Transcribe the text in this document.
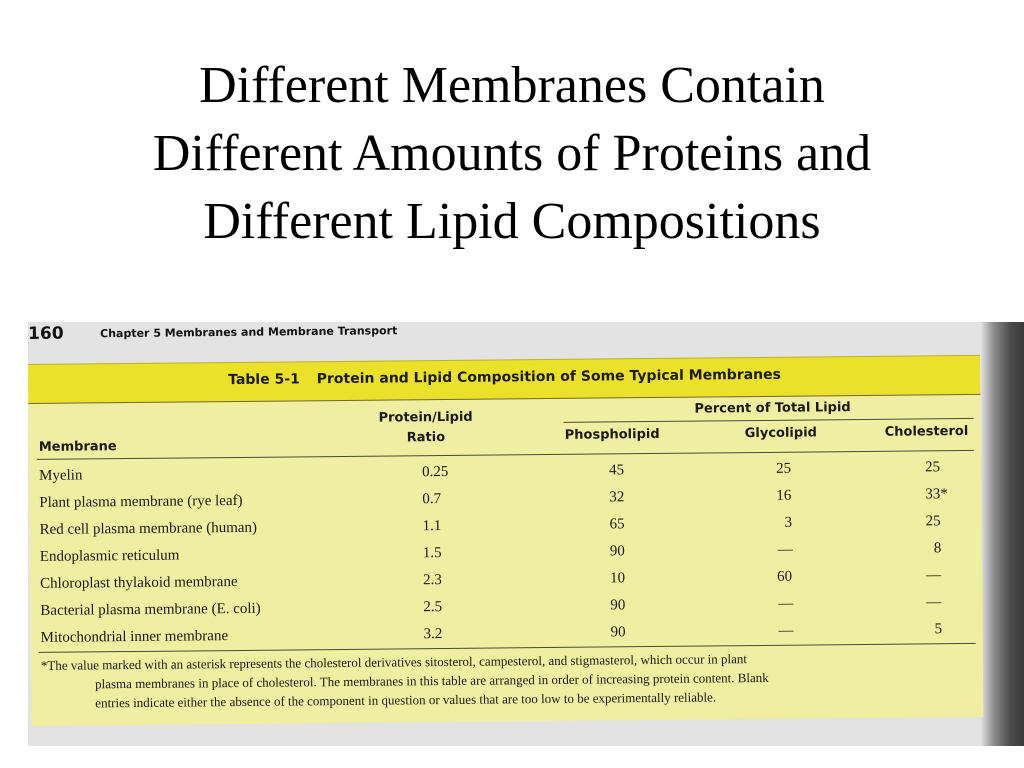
Different Membranes Contain
Different Amounts of Proteins and
Different Lipid Compositions
160	Chapter 5 Membranes and Membrane Transport
Table 5-1 Protein and Lipid Composition of Some Typical Membranes
Membrane
Protein/Lipid
Ratio
Percent of Total Lipid
Phospholipid	Glycolipid	Cholesterol
Myelin	0.25	45	25	25
Plant plasma membrane (rye leaf)	0.7	32	16	33*
Red cell plasma membrane (human)	1.1	65	3	25
Endoplasmic reticulum	1.5	90	—	8
Chloroplast thylakoid membrane	2.3	10	60	—
Bacterial plasma membrane (E. coli)	2.5	90	—	—
Mitochondrial inner membrane	3.2	90	—	5
*The value marked with an asterisk represents the cholesterol derivatives sitosterol, campesterol, and stigmasterol, which occur in plant
plasma membranes in place of cholesterol. The membranes in this table are arranged in order of increasing protein content. Blank
entries indicate either the absence of the component in question or values that are too low to be experimentally reliable.
